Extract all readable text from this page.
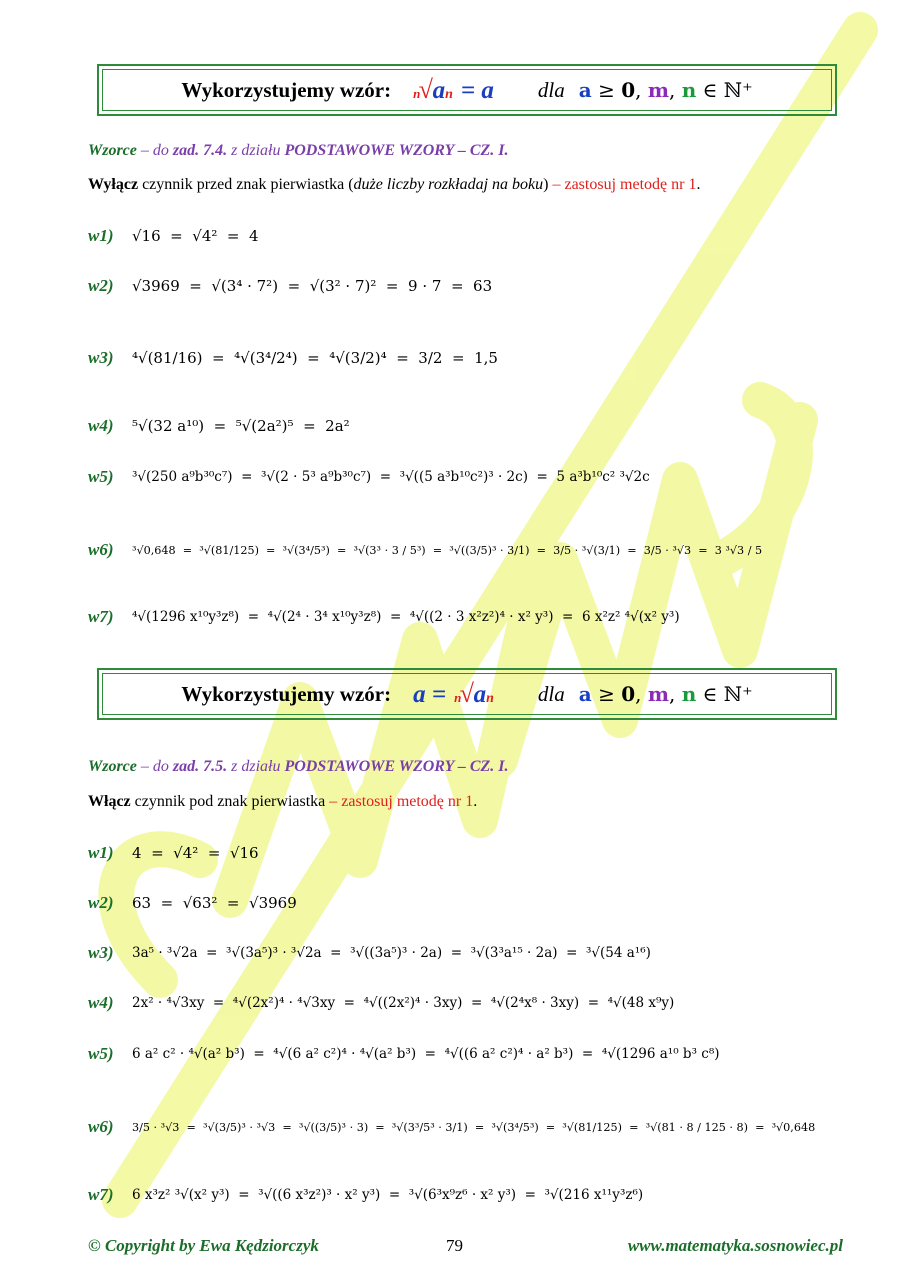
Wykorzystujemy wzór: n
√ a n = a dla a ≥ 0, m, n ∈ ℕ⁺
Wzorce – do zad. 7.4. z działu PODSTAWOWE WZORY – CZ. I.
Wyłącz czynnik przed znak pierwiastka (duże liczby rozkładaj na boku) – zastosuj metodę nr 1.
w1)	√16  =  √4²  =  4
w2)	√3969  =  √(3⁴ · 7²)  =  √(3² · 7)²  =  9 · 7  =  63
w3)	⁴√(81/16)  =  ⁴√(3⁴/2⁴)  =  ⁴√(3/2)⁴  =  3/2  =  1,5
w4)	⁵√(32 a¹⁰)  =  ⁵√(2a²)⁵  =  2a²
w5)	³√(250 a⁹b³⁰c⁷)  =  ³√(2 · 5³ a⁹b³⁰c⁷)  =  ³√((5 a³b¹⁰c²)³ · 2c)  =  5 a³b¹⁰c² ³√2c
w6)	³√0,648  =  ³√(81/125)  =  ³√(3⁴/5³)  =  ³√(3³ · 3 / 5³)  =  ³√((3/5)³ · 3/1)  =  3/5 · ³√(3/1)  =  3/5 · ³√3  =  3 ³√3 / 5
w7)	⁴√(1296 x¹⁰y³z⁸)  =  ⁴√(2⁴ · 3⁴ x¹⁰y³z⁸)  =  ⁴√((2 · 3 x²z²)⁴ · x² y³)  =  6 x²z² ⁴√(x² y³)
Wykorzystujemy wzór: a = n
√ a n dla a ≥ 0, m, n ∈ ℕ⁺
Wzorce – do zad. 7.5. z działu PODSTAWOWE WZORY – CZ. I.
Włącz czynnik pod znak pierwiastka – zastosuj metodę nr 1.
w1)	4  =  √4²  =  √16
w2)	63  =  √63²  =  √3969
w3)	3a⁵ · ³√2a  =  ³√(3a⁵)³ · ³√2a  =  ³√((3a⁵)³ · 2a)  =  ³√(3³a¹⁵ · 2a)  =  ³√(54 a¹⁶)
w4)	2x² · ⁴√3xy  =  ⁴√(2x²)⁴ · ⁴√3xy  =  ⁴√((2x²)⁴ · 3xy)  =  ⁴√(2⁴x⁸ · 3xy)  =  ⁴√(48 x⁹y)
w5)	6 a² c² · ⁴√(a² b³)  =  ⁴√(6 a² c²)⁴ · ⁴√(a² b³)  =  ⁴√((6 a² c²)⁴ · a² b³)  =  ⁴√(1296 a¹⁰ b³ c⁸)
w6)	3/5 · ³√3  =  ³√(3/5)³ · ³√3  =  ³√((3/5)³ · 3)  =  ³√(3³/5³ · 3/1)  =  ³√(3⁴/5³)  =  ³√(81/125)  =  ³√(81 · 8 / 125 · 8)  =  ³√0,648
w7)	6 x³z² ³√(x² y³)  =  ³√((6 x³z²)³ · x² y³)  =  ³√(6³x⁹z⁶ · x² y³)  =  ³√(216 x¹¹y³z⁶)
© Copyright by Ewa Kędziorczyk	79	www.matematyka.sosnowiec.pl
